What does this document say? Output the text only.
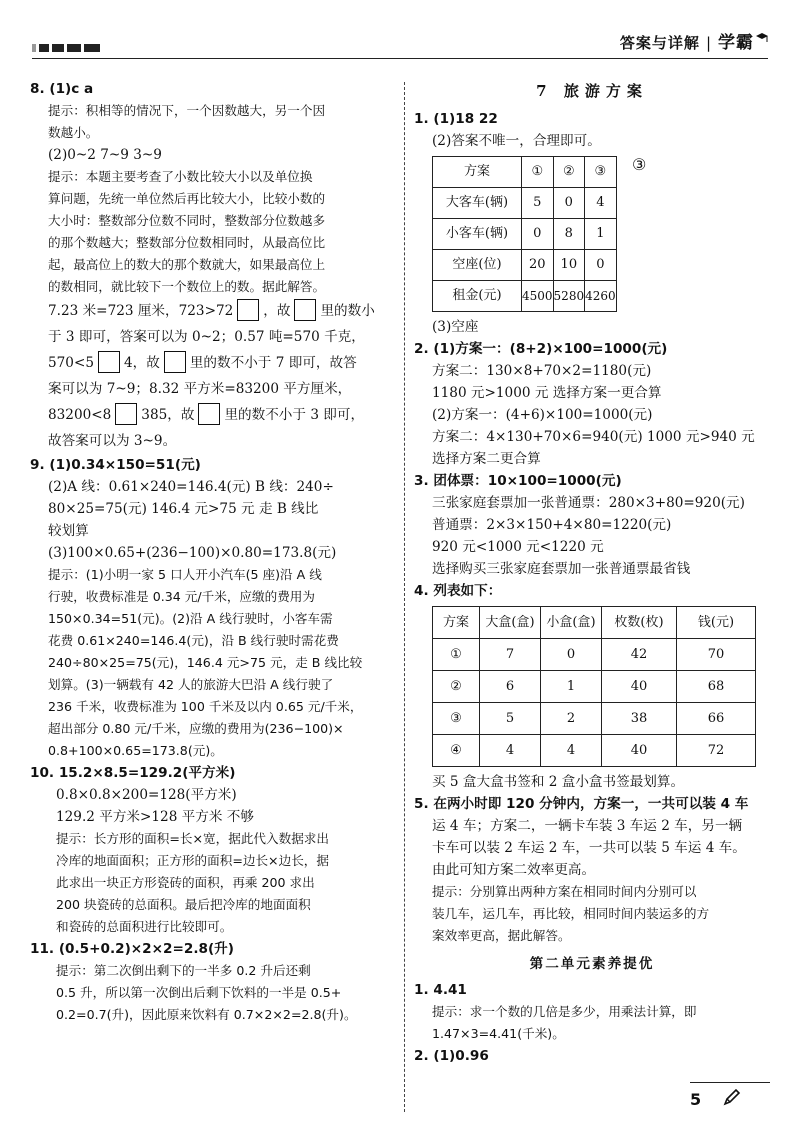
答案与详解 | 学霸
8. (1)c a
提示：积相等的情况下，一个因数越大，另一个因
数越小。
(2)0~2 7~9 3~9
提示：本题主要考查了小数比较大小以及单位换
算问题，先统一单位然后再比较大小，比较小数的
大小时：整数部分位数不同时，整数部分位数越多
的那个数越大；整数部分位数相同时，从最高位比
起，最高位上的数大的那个数就大，如果最高位上
的数相同，就比较下一个数位上的数。据此解答。
7.23 米=723 厘米，723>72 ，故 里的数小
于 3 即可，答案可以为 0~2；0.57 吨=570 千克，
570<5 4，故 里的数不小于 7 即可，故答
案可以为 7~9；8.32 平方米=83200 平方厘米，
83200<8 385，故 里的数不小于 3 即可，
故答案可以为 3~9。
9. (1)0.34×150=51(元)
(2)A 线：0.61×240=146.4(元) B 线：240÷
80×25=75(元) 146.4 元>75 元 走 B 线比
较划算
(3)100×0.65+(236−100)×0.80=173.8(元)
提示：(1)小明一家 5 口人开小汽车(5 座)沿 A 线
行驶，收费标准是 0.34 元/千米，应缴的费用为
150×0.34=51(元)。(2)沿 A 线行驶时，小客车需
花费 0.61×240=146.4(元)，沿 B 线行驶时需花费
240÷80×25=75(元)，146.4 元>75 元，走 B 线比较
划算。(3)一辆载有 42 人的旅游大巴沿 A 线行驶了
236 千米，收费标准为 100 千米及以内 0.65 元/千米，
超出部分 0.80 元/千米，应缴的费用为(236−100)×
0.8+100×0.65=173.8(元)。
10. 15.2×8.5=129.2(平方米)
0.8×0.8×200=128(平方米)
129.2 平方米>128 平方米 不够
提示：长方形的面积=长×宽，据此代入数据求出
冷库的地面面积；正方形的面积=边长×边长，据
此求出一块正方形瓷砖的面积，再乘 200 求出
200 块瓷砖的总面积。最后把冷库的地面面积
和瓷砖的总面积进行比较即可。
11. (0.5+0.2)×2×2=2.8(升)
提示：第二次倒出剩下的一半多 0.2 升后还剩
0.5 升，所以第一次倒出后剩下饮料的一半是 0.5+
0.2=0.7(升)，因此原来饮料有 0.7×2×2=2.8(升)。
7 旅游方案
1. (1)18 22
(2)答案不唯一，合理即可。
方案	①	②	③
大客车(辆)	5	0	4
小客车(辆)	0	8	1
空座(位)	20	10	0
租金(元)	4500	5280	4260
(3)空座
2. (1)方案一：(8+2)×100=1000(元)
方案二：130×8+70×2=1180(元)
1180 元>1000 元 选择方案一更合算
(2)方案一：(4+6)×100=1000(元)
方案二：4×130+70×6=940(元) 1000 元>940 元
选择方案二更合算
3. 团体票：10×100=1000(元)
三张家庭套票加一张普通票：280×3+80=920(元)
普通票：2×3×150+4×80=1220(元)
920 元<1000 元<1220 元
选择购买三张家庭套票加一张普通票最省钱
4. 列表如下：
方案	大盒(盒)	小盒(盒)	枚数(枚)	钱(元)
①	7	0	42	70
②	6	1	40	68
③	5	2	38	66
④	4	4	40	72
买 5 盒大盒书签和 2 盒小盒书签最划算。
5. 在两小时即 120 分钟内，方案一，一共可以装 4 车
运 4 车；方案二，一辆卡车装 3 车运 2 车，另一辆
卡车可以装 2 车运 2 车，一共可以装 5 车运 4 车。
由此可知方案二效率更高。
提示：分别算出两种方案在相同时间内分别可以
装几车，运几车，再比较，相同时间内装运多的方
案效率更高，据此解答。
第二单元素养提优
1. 4.41
提示：求一个数的几倍是多少，用乘法计算，即
1.47×3=4.41(千米)。
2. (1)0.96
③
5
